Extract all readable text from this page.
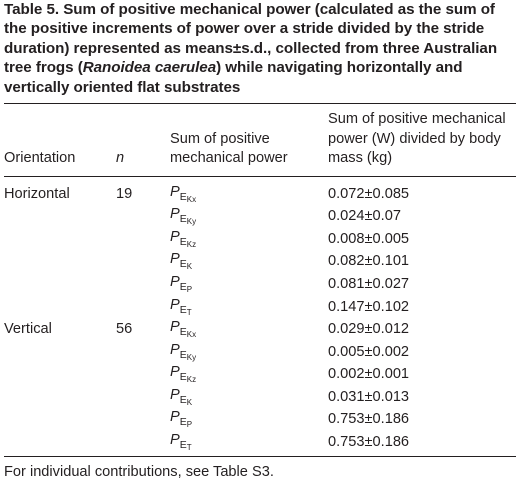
Table 5. Sum of positive mechanical power (calculated as the sum of the positive increments of power over a stride divided by the stride duration) represented as means±s.d., collected from three Australian tree frogs (Ranoidea caerulea) while navigating horizontally and vertically oriented flat substrates

Orientation	n	Sum of positive mechanical power	Sum of positive mechanical power (W) divided by body mass (kg)
Horizontal	19	$P_{EKx}$	0.072±0.085
		$P_{EKy}$	0.024±0.07
		$P_{EKz}$	0.008±0.005
		$P_{EK}$	0.082±0.101
		$P_{EP}$	0.081±0.027
		$P_{ET}$	0.147±0.102
Vertical	56	$P_{EKx}$	0.029±0.012
		$P_{EKy}$	0.005±0.002
		$P_{EKz}$	0.002±0.001
		$P_{EK}$	0.031±0.013
		$P_{EP}$	0.753±0.186
		$P_{ET}$	0.753±0.186
For individual contributions, see Table S3.
